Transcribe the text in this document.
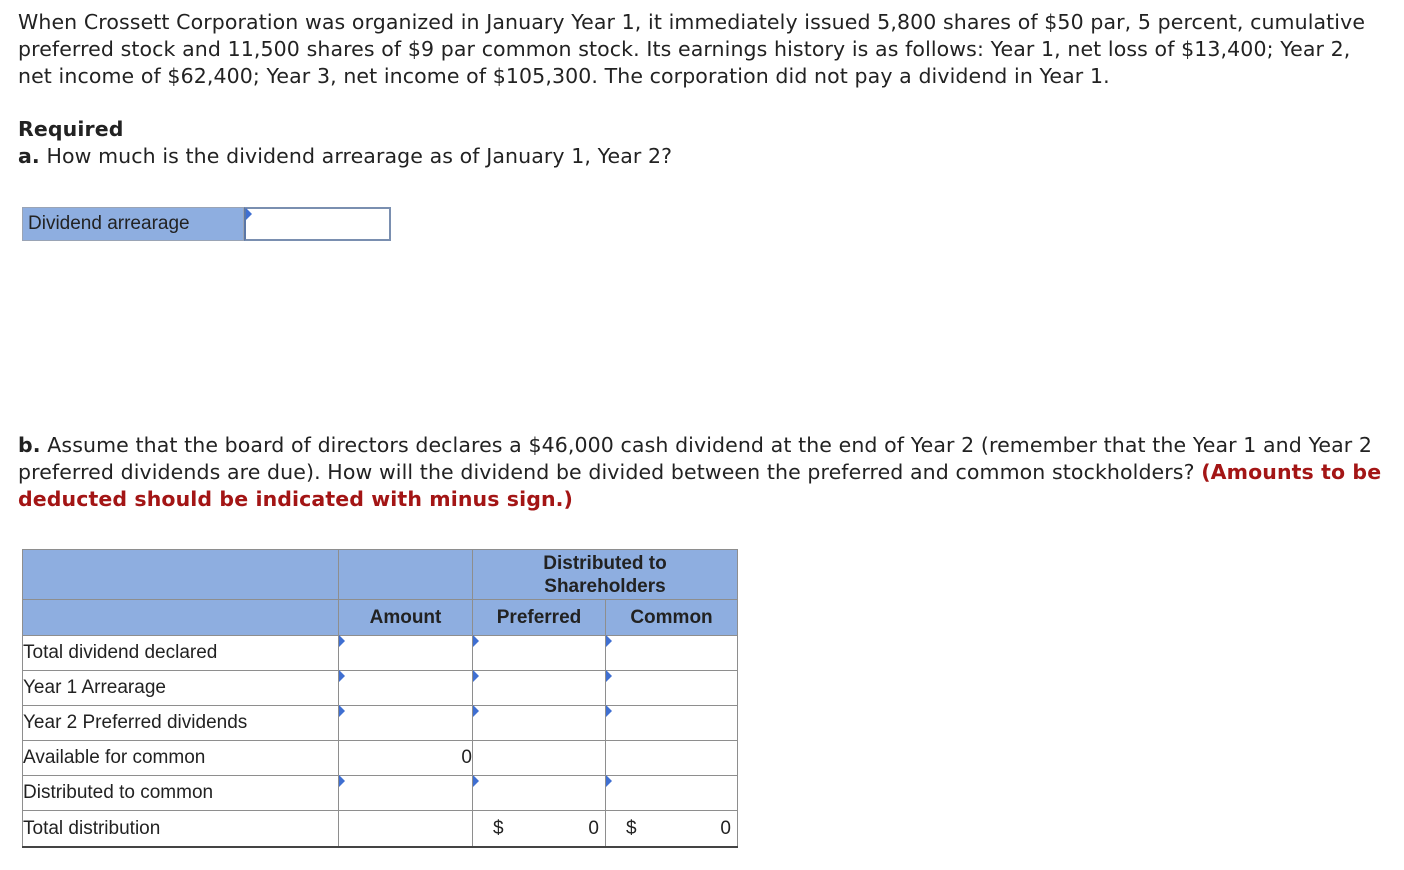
When Crossett Corporation was organized in January Year 1, it immediately issued 5,800 shares of $50 par, 5 percent, cumulative preferred stock and 11,500 shares of $9 par common stock. Its earnings history is as follows: Year 1, net loss of $13,400; Year 2, net income of $62,400; Year 3, net income of $105,300. The corporation did not pay a dividend in Year 1.
Required
a. How much is the dividend arrearage as of January 1, Year 2?
Dividend arrearage
b. Assume that the board of directors declares a $46,000 cash dividend at the end of Year 2 (remember that the Year 1 and Year 2 preferred dividends are due). How will the dividend be divided between the preferred and common stockholders? (Amounts to be deducted should be indicated with minus sign.)

		Distributed to Shareholders	

	Amount	Preferred	Common
Total dividend declared	

Year 1 Arrearage	

Year 2 Preferred dividends	

Available for common	0		
Distributed to common	

Total distribution		$ 0	$ 0
